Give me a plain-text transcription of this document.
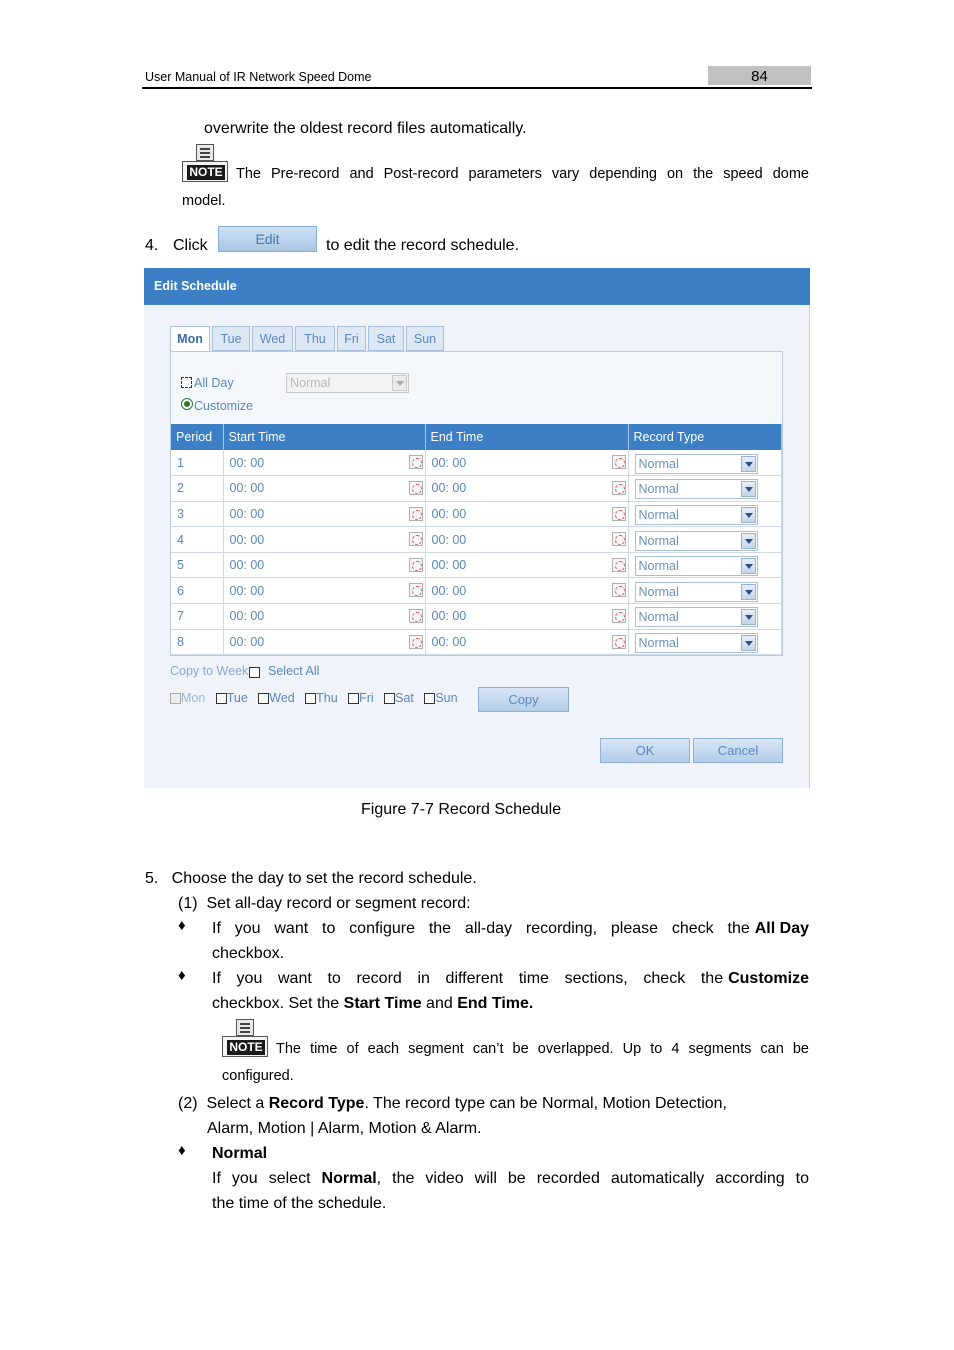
User Manual of IR Network Speed Dome	84
overwrite the oldest record files automatically.
NOTE The Pre-record and Post-record parameters vary depending on the speed dome
model.
4. Click	Edit	to edit the record schedule.
Edit Schedule
Mon	Tue	Wed	Thu	Fri	Sat	Sun
All Day	Normal
Customize
Period	Start Time	End Time	Record Type
1	00: 00	00: 00	Normal

2	00: 00	00: 00	Normal

3	00: 00	00: 00	Normal

4	00: 00	00: 00	Normal

5	00: 00	00: 00	Normal

6	00: 00	00: 00	Normal

7	00: 00	00: 00	Normal

8	00: 00	00: 00	Normal
Copy to Week Select All
Mon Tue Wed Thu Fri Sat Sun	Copy
OK	Cancel
Figure 7-7 Record Schedule
5.   Choose the day to set the record schedule.
(1)  Set all-day record or segment record:
♦ If you want to configure the all-day recording, please check the All Day
checkbox.
♦ If you want to record in different time sections, check the Customize
checkbox. Set the Start Time and End Time.
NOTE The time of each segment can’t be overlapped. Up to 4 segments can be
configured.
(2)  Select a Record Type. The record type can be Normal, Motion Detection,
Alarm, Motion | Alarm, Motion & Alarm.
♦ Normal
If you select Normal, the video will be recorded automatically according to
the time of the schedule.
